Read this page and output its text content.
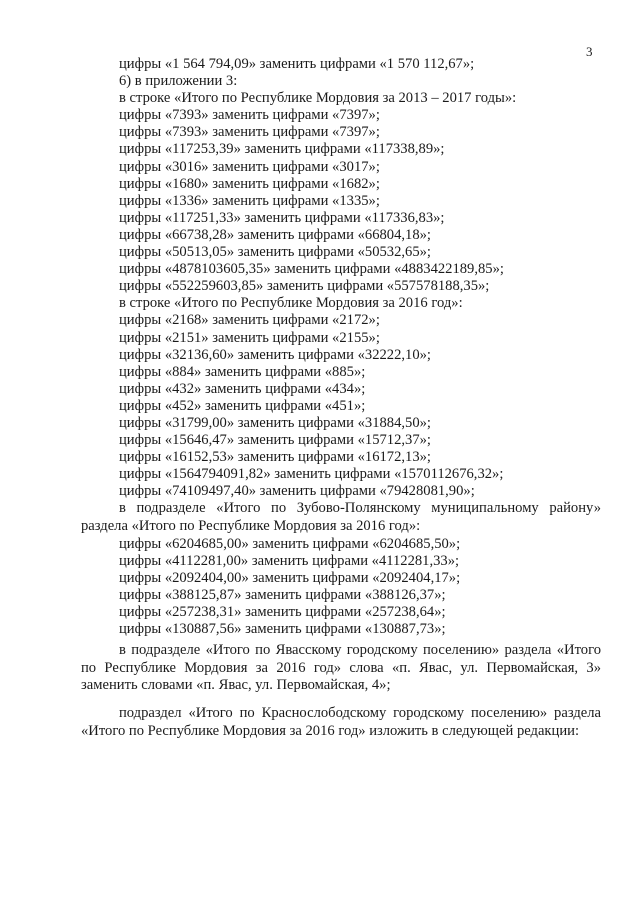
3
цифры «1 564 794,09» заменить цифрами «1 570 112,67»;
6) в приложении 3:
в строке «Итого по Республике Мордовия за 2013 – 2017 годы»:
цифры «7393» заменить цифрами «7397»;
цифры «7393» заменить цифрами «7397»;
цифры «117253,39» заменить цифрами «117338,89»;
цифры «3016» заменить цифрами «3017»;
цифры «1680» заменить цифрами «1682»;
цифры «1336» заменить цифрами «1335»;
цифры «117251,33» заменить цифрами «117336,83»;
цифры «66738,28» заменить цифрами «66804,18»;
цифры «50513,05» заменить цифрами «50532,65»;
цифры «4878103605,35» заменить цифрами «4883422189,85»;
цифры «552259603,85» заменить цифрами «557578188,35»;
в строке «Итого по Республике Мордовия за 2016 год»:
цифры «2168» заменить цифрами «2172»;
цифры «2151» заменить цифрами «2155»;
цифры «32136,60» заменить цифрами «32222,10»;
цифры «884» заменить цифрами «885»;
цифры «432» заменить цифрами «434»;
цифры «452» заменить цифрами «451»;
цифры «31799,00» заменить цифрами «31884,50»;
цифры «15646,47» заменить цифрами «15712,37»;
цифры «16152,53» заменить цифрами «16172,13»;
цифры «1564794091,82» заменить цифрами «1570112676,32»;
цифры «74109497,40» заменить цифрами «79428081,90»;

в подразделе «Итого по Зубово-Полянскому муниципальному району» раздела «Итого по Республике Мордовия за 2016 год»:

цифры «6204685,00» заменить цифрами «6204685,50»;
цифры «4112281,00» заменить цифрами «4112281,33»;
цифры «2092404,00» заменить цифрами «2092404,17»;
цифры «388125,87» заменить цифрами «388126,37»;
цифры «257238,31» заменить цифрами «257238,64»;
цифры «130887,56» заменить цифрами «130887,73»;

в подразделе «Итого по Явасскому городскому поселению» раздела «Итого по Республике Мордовия за 2016 год» слова «п. Явас, ул. Первомайская, 3» заменить словами «п. Явас, ул. Первомайская, 4»;

подраздел «Итого по Краснослободскому городскому поселению» раздела «Итого по Республике Мордовия за 2016 год» изложить в следующей редакции:
